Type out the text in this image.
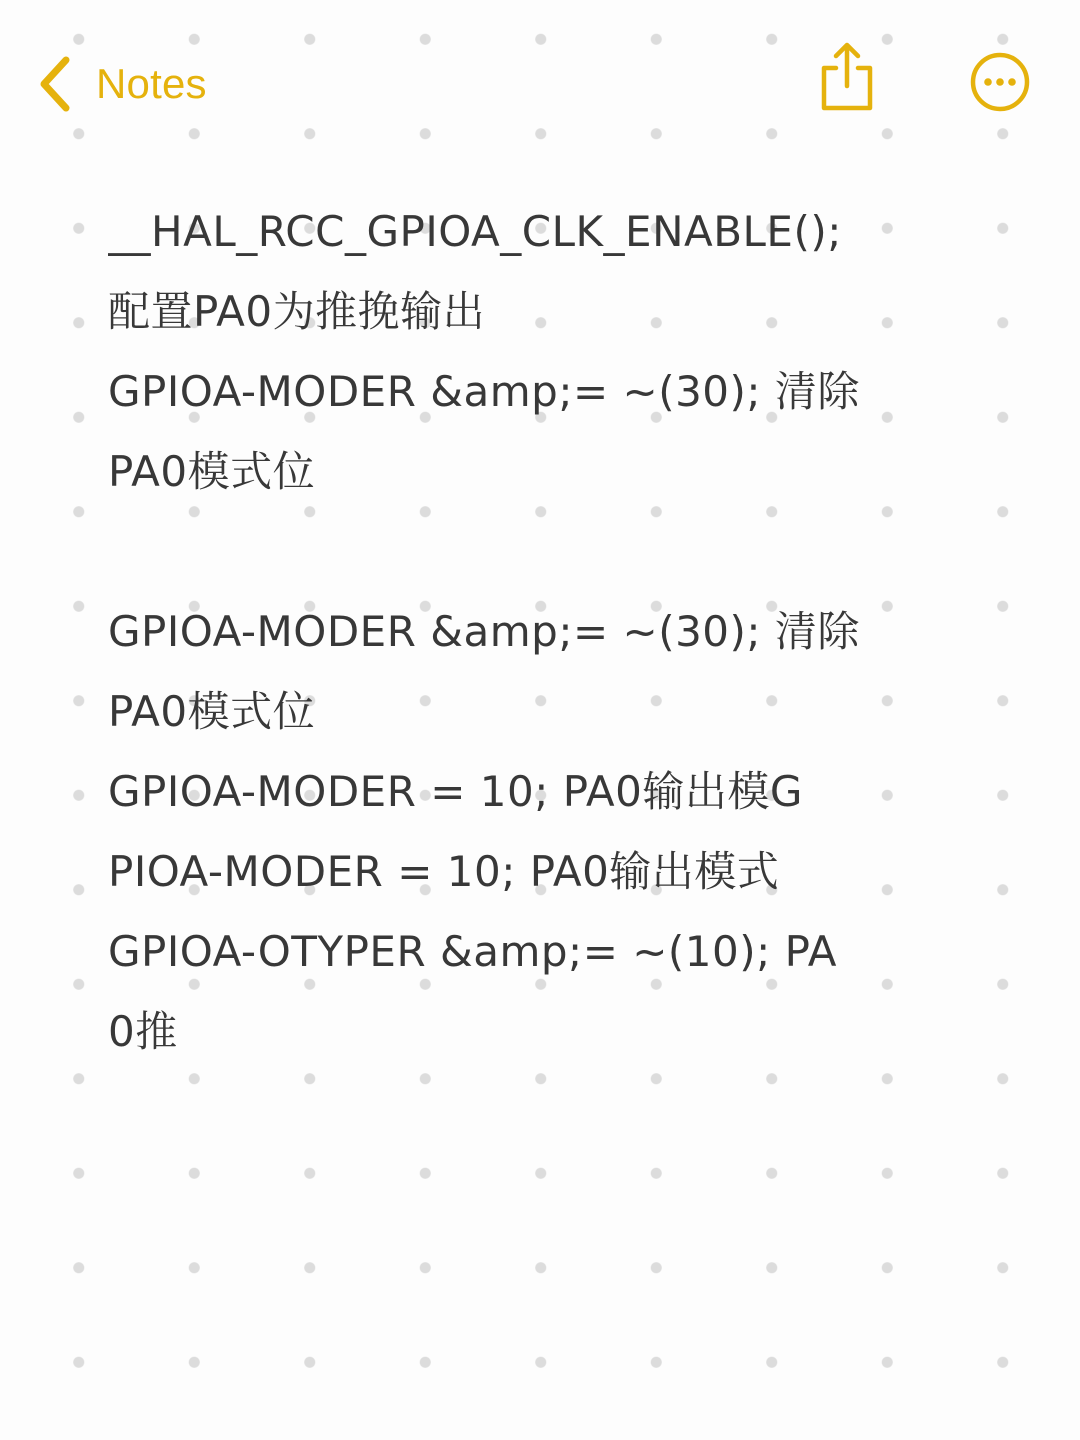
Notes
__HAL_RCC_GPIOA_CLK_ENABLE();
配置PA0为推挽输出
GPIOA-MODER &amp;= ~(30); 清除
PA0模式位
GPIOA-MODER &amp;= ~(30); 清除
PA0模式位
GPIOA-MODER = 10; PA0输出模G
PIOA-MODER = 10; PA0输出模式
GPIOA-OTYPER &amp;= ~(10); PA
0推
